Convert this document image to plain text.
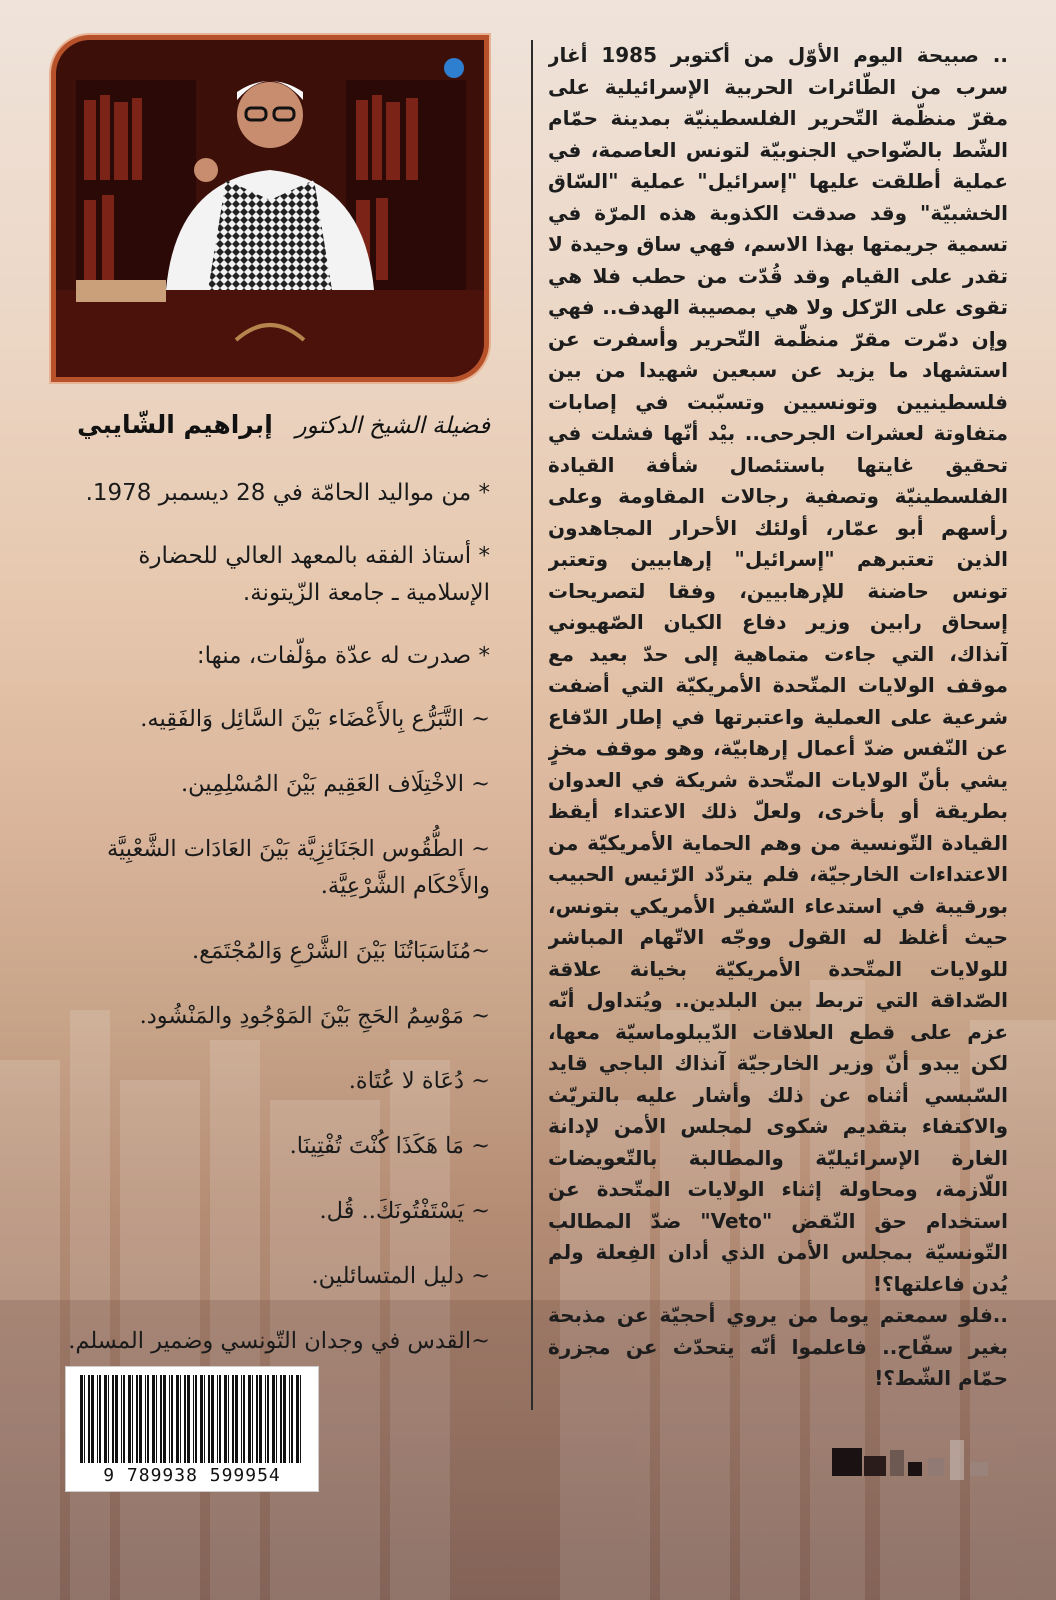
.. صبيحة اليوم الأوّل من أكتوبر 1985 أغار سرب من الطّائرات الحربية الإسرائيلية على مقرّ منظّمة التّحرير الفلسطينيّة بمدينة حمّام الشّط بالضّواحي الجنوبيّة لتونس العاصمة، في عملية أطلقت عليها "إسرائيل" عملية "السّاق الخشبيّة" وقد صدقت الكذوبة هذه المرّة في تسمية جريمتها بهذا الاسم، فهي ساق وحيدة لا تقدر على القيام وقد قُدّت من حطب فلا هي تقوى على الرّكل ولا هي بمصيبة الهدف.. فهي وإن دمّرت مقرّ منظّمة التّحرير وأسفرت عن استشهاد ما يزيد عن سبعين شهيدا من بين فلسطينيين وتونسيين وتسبّبت في إصابات متفاوتة لعشرات الجرحى.. بيْد أنّها فشلت في تحقيق غايتها باستئصال شأفة القيادة الفلسطينيّة وتصفية رجالات المقاومة وعلى رأسهم أبو عمّار، أولئك الأحرار المجاهدون الذين تعتبرهم "إسرائيل" إرهابيين وتعتبر تونس حاضنة للإرهابيين، وفقا لتصريحات إسحاق رابين وزير دفاع الكيان الصّهيوني آنذاك، التي جاءت متماهية إلى حدّ بعيد مع موقف الولايات المتّحدة الأمريكيّة التي أضفت شرعية على العملية واعتبرتها في إطار الدّفاع عن النّفس ضدّ أعمال إرهابيّة، وهو موقف مخزٍ يشي بأنّ الولايات المتّحدة شريكة في العدوان بطريقة أو بأخرى، ولعلّ ذلك الاعتداء أيقظ القيادة التّونسية من وهم الحماية الأمريكيّة من الاعتداءات الخارجيّة، فلم يتردّد الرّئيس الحبيب بورقيبة في استدعاء السّفير الأمريكي بتونس، حيث أغلظ له القول ووجّه الاتّهام المباشر للولايات المتّحدة الأمريكيّة بخيانة علاقة الصّداقة التي تربط بين البلدين.. ويُتداول أنّه عزم على قطع العلاقات الدّيبلوماسيّة معها، لكن يبدو أنّ وزير الخارجيّة آنذاك الباجي قايد السّبسي أثناه عن ذلك وأشار عليه بالتريّث والاكتفاء بتقديم شكوى لمجلس الأمن لإدانة الغارة الإسرائيليّة والمطالبة بالتّعويضات اللّازمة، ومحاولة إثناء الولايات المتّحدة عن استخدام حق النّقض "Veto" ضدّ المطالب التّونسيّة بمجلس الأمن الذي أدان الفِعلة ولم يُدن فاعلتها؟!

..فلو سمعتم يوما من يروي أحجيّة عن مذبحة بغير سفّاح.. فاعلموا أنّه يتحدّث عن مجزرة حمّام الشّط؟!

فضيلة الشيخ الدكتور إبراهيم الشّايبي

* من مواليد الحامّة في 28 ديسمبر 1978.

* أستاذ الفقه بالمعهد العالي للحضارة الإسلامية ـ جامعة الزّيتونة.

* صدرت له عدّة مؤلّفات، منها:

~ التَّبَرُّع بِالأَعْضَاء بَيْنَ السَّائِل وَالفَقِيه.
~ الاخْتِلَاف العَقِيم بَيْنَ المُسْلِمِين.
~ الطُّقُوس الجَنَائِزِيَّة بَيْنَ العَادَات الشَّعْبِيَّة والأَحْكَام الشَّرْعِيَّة.
~مُنَاسَبَاتُنَا بَيْنَ الشَّرْعِ وَالمُجْتَمَع.
~ مَوْسِمُ الحَجِ بَيْنَ المَوْجُودِ والمَنْشُود.
~ دُعَاة لا عُتَاة.
~ مَا هَكَذَا كُنْتَ تُفْتِينَا.
~ يَسْتَفْتُونَكَ.. قُل.
~ دليل المتسائلين.
~القدس في وجدان التّونسي وضمير المسلم.
9 789938 599954
